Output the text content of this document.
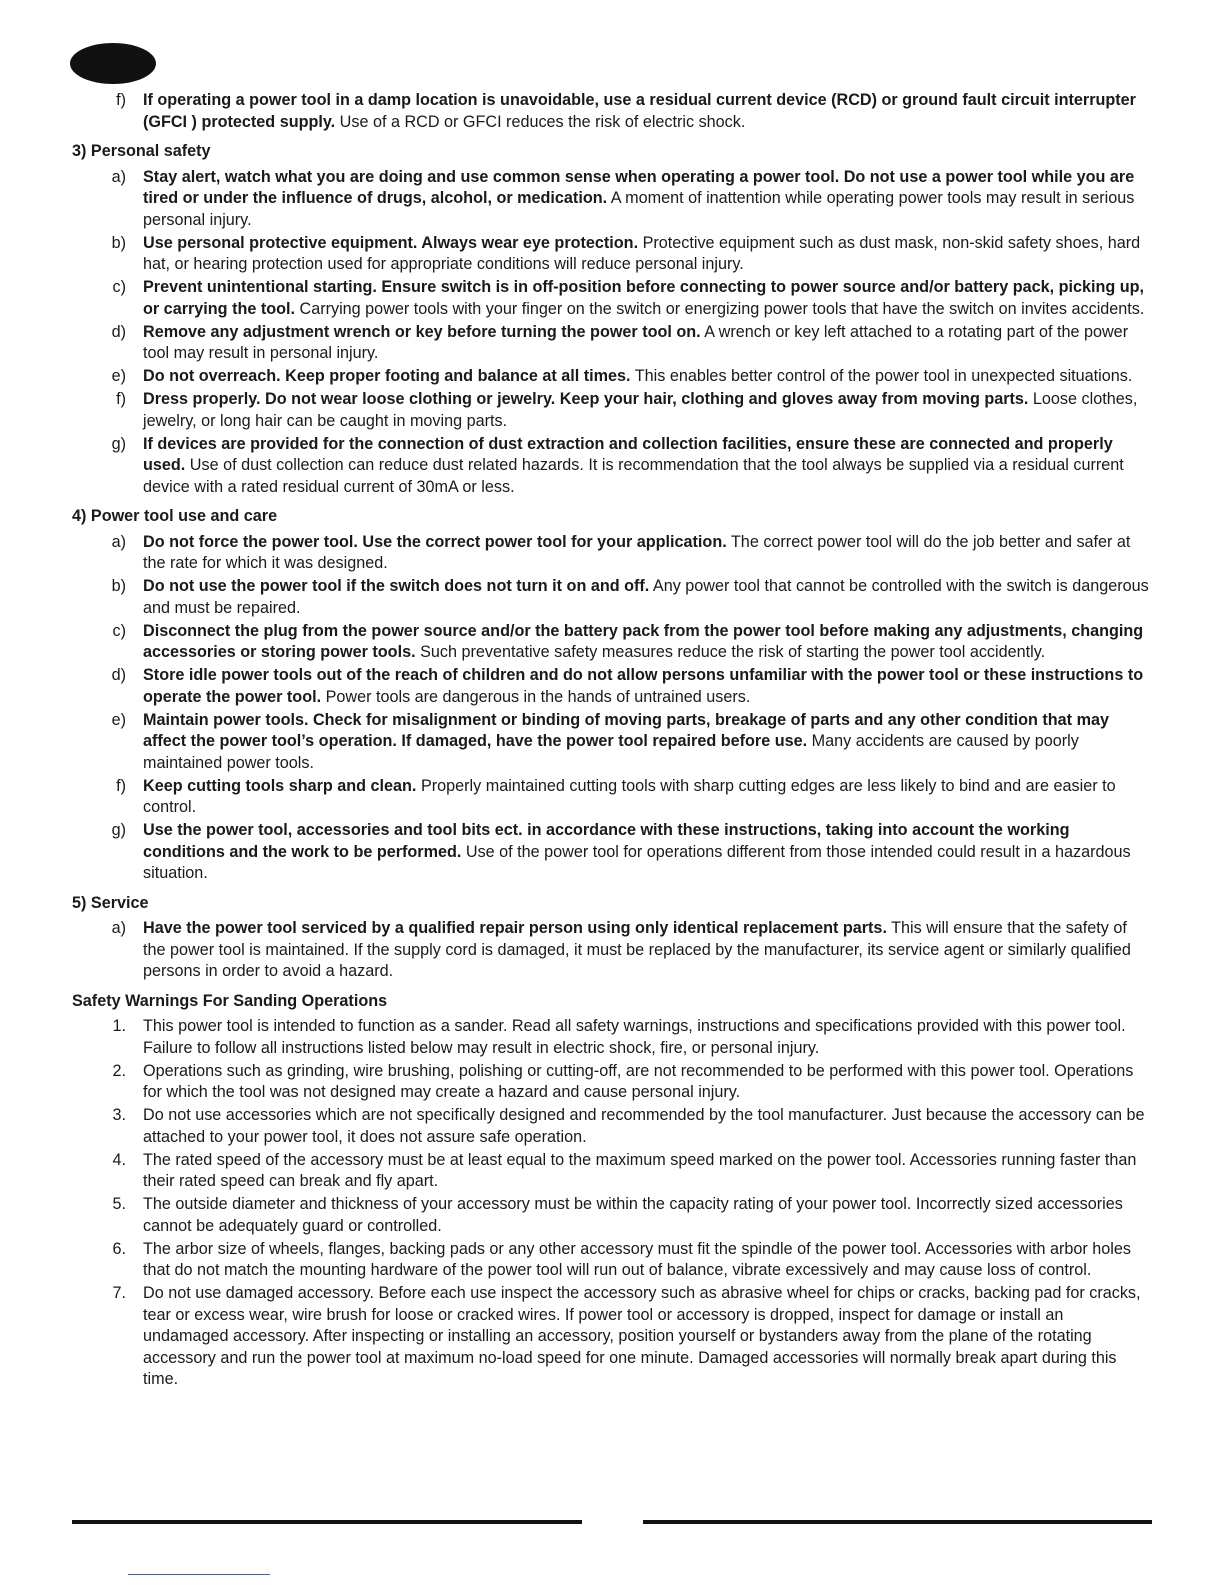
f)	If operating a power tool in a damp location is unavoidable, use a residual current device (RCD) or ground fault circuit interrupter (GFCI ) protected supply. Use of a RCD or GFCI reduces the risk of electric shock.
3) Personal safety
a)	Stay alert, watch what you are doing and use common sense when operating a power tool. Do not use a power tool while you are tired or under the influence of drugs, alcohol, or medication. A moment of inattention while operating power tools may result in serious personal injury.
b)	Use personal protective equipment. Always wear eye protection. Protective equipment such as dust mask, non-skid safety shoes, hard hat, or hearing protection used for appropriate conditions will reduce personal injury.
c)	Prevent unintentional starting. Ensure switch is in off-position before connecting to power source and/or battery pack, picking up, or carrying the tool. Carrying power tools with your finger on the switch or energizing power tools that have the switch on invites accidents.
d)	Remove any adjustment wrench or key before turning the power tool on. A wrench or key left attached to a rotating part of the power tool may result in personal injury.
e)	Do not overreach. Keep proper footing and balance at all times. This enables better control of the power tool in unexpected situations.
f)	Dress properly. Do not wear loose clothing or jewelry. Keep your hair, clothing and gloves away from moving parts. Loose clothes, jewelry, or long hair can be caught in moving parts.
g)	If devices are provided for the connection of dust extraction and collection facilities, ensure these are connected and properly used. Use of dust collection can reduce dust related hazards. It is recommendation that the tool always be supplied via a residual current device with a rated residual current of 30mA or less.
4) Power tool use and care
a)	Do not force the power tool. Use the correct power tool for your application. The correct power tool will do the job better and safer at the rate for which it was designed.
b)	Do not use the power tool if the switch does not turn it on and off. Any power tool that cannot be controlled with the switch is dangerous and must be repaired.
c)	Disconnect the plug from the power source and/or the battery pack from the power tool before making any adjustments, changing accessories or storing power tools. Such preventative safety measures reduce the risk of starting the power tool accidently.
d)	Store idle power tools out of the reach of children and do not allow persons unfamiliar with the power tool or these instructions to operate the power tool. Power tools are dangerous in the hands of untrained users.
e)	Maintain power tools. Check for misalignment or binding of moving parts, breakage of parts and any other condition that may affect the power tool’s operation. If damaged, have the power tool repaired before use. Many accidents are caused by poorly maintained power tools.
f)	Keep cutting tools sharp and clean. Properly maintained cutting tools with sharp cutting edges are less likely to bind and are easier to control.
g)	Use the power tool, accessories and tool bits ect. in accordance with these instructions, taking into account the working conditions and the work to be performed. Use of the power tool for operations different from those intended could result in a hazardous situation.
5) Service
a)	Have the power tool serviced by a qualified repair person using only identical replacement parts. This will ensure that the safety of the power tool is maintained. If the supply cord is damaged, it must be replaced by the manufacturer, its service agent or similarly qualified persons in order to avoid a hazard.
Safety Warnings For Sanding Operations
1.	This power tool is intended to function as a sander. Read all safety warnings, instructions and specifications provided with this power tool. Failure to follow all instructions listed below may result in electric shock, fire, or personal injury.
2.	Operations such as grinding, wire brushing, polishing or cutting-off, are not recommended to be performed with this power tool. Operations for which the tool was not designed may create a hazard and cause personal injury.
3.	Do not use accessories which are not specifically designed and recommended by the tool manufacturer. Just because the accessory can be attached to your power tool, it does not assure safe operation.
4.	The rated speed of the accessory must be at least equal to the maximum speed marked on the power tool. Accessories running faster than their rated speed can break and fly apart.
5.	The outside diameter and thickness of your accessory must be within the capacity rating of your power tool. Incorrectly sized accessories cannot be adequately guard or controlled.
6.	The arbor size of wheels, flanges, backing pads or any other accessory must fit the spindle of the power tool. Accessories with arbor holes that do not match the mounting hardware of the power tool will run out of balance, vibrate excessively and may cause loss of control.
7.	Do not use damaged accessory. Before each use inspect the accessory such as abrasive wheel for chips or cracks, backing pad for cracks, tear or excess wear, wire brush for loose or cracked wires. If power tool or accessory is dropped, inspect for damage or install an undamaged accessory. After inspecting or installing an accessory, position yourself or bystanders away from the plane of the rotating accessory and run the power tool at maximum no-load speed for one minute. Damaged accessories will normally break apart during this time.
